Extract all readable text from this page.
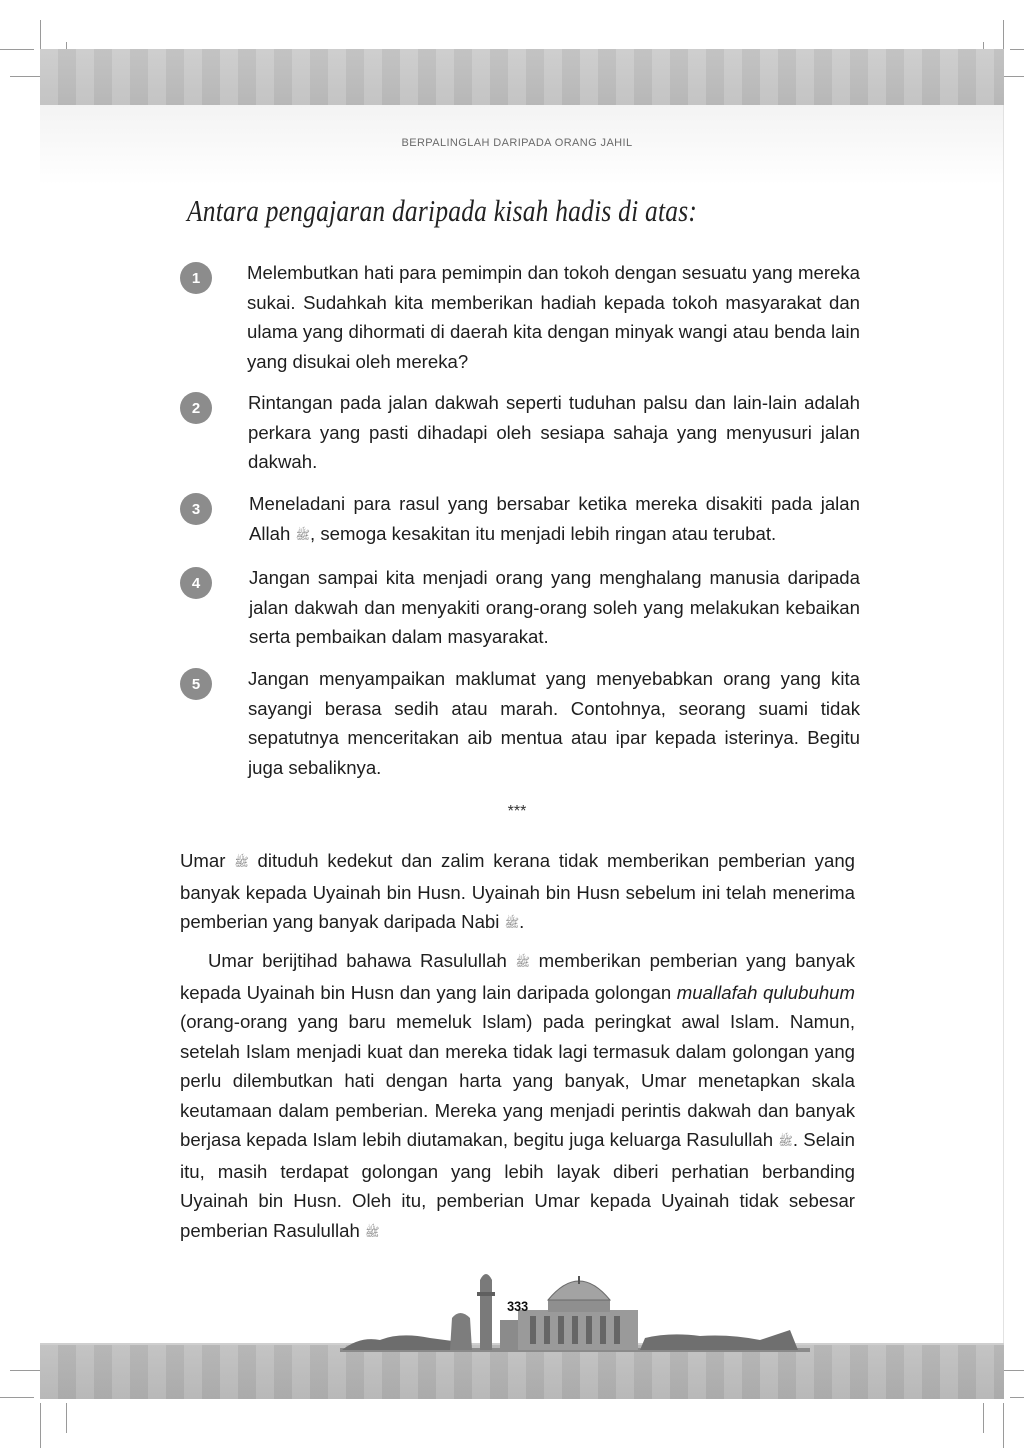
BERPALINGLAH DARIPADA ORANG JAHIL
Antara pengajaran daripada kisah hadis di atas:
1	Melembutkan hati para pemimpin dan tokoh dengan sesuatu yang mereka sukai. Sudahkah kita memberikan hadiah kepada tokoh masyarakat dan ulama yang dihormati di daerah kita dengan minyak wangi atau benda lain yang disukai oleh mereka?
2	Rintangan pada jalan dakwah seperti tuduhan palsu dan lain-lain adalah perkara yang pasti dihadapi oleh sesiapa sahaja yang menyusuri jalan dakwah.
3	Meneladani para rasul yang bersabar ketika mereka disakiti pada jalan Allah ﷺ, semoga kesakitan itu menjadi lebih ringan atau terubat.
4	Jangan sampai kita menjadi orang yang menghalang manusia daripada jalan dakwah dan menyakiti orang-orang soleh yang melakukan kebaikan serta pembaikan dalam masyarakat.
5	Jangan menyampaikan maklumat yang menyebabkan orang yang kita sayangi berasa sedih atau marah. Contohnya, seorang suami tidak sepatutnya menceritakan aib mentua atau ipar kepada isterinya. Begitu juga sebaliknya.
***
Umar ﷺ dituduh kedekut dan zalim kerana tidak memberikan pemberian yang banyak kepada Uyainah bin Husn. Uyainah bin Husn sebelum ini telah menerima pemberian yang banyak daripada Nabi ﷺ.
Umar berijtihad bahawa Rasulullah ﷺ memberikan pemberian yang banyak kepada Uyainah bin Husn dan yang lain daripada golongan muallafah qulubuhum (orang-orang yang baru memeluk Islam) pada peringkat awal Islam. Namun, setelah Islam menjadi kuat dan mereka tidak lagi termasuk dalam golongan yang perlu dilembutkan hati dengan harta yang banyak, Umar menetapkan skala keutamaan dalam pemberian. Mereka yang menjadi perintis dakwah dan banyak berjasa kepada Islam lebih diutamakan, begitu juga keluarga Rasulullah ﷺ. Selain itu, masih terdapat golongan yang lebih layak diberi perhatian berbanding Uyainah bin Husn. Oleh itu, pemberian Umar kepada Uyainah tidak sebesar pemberian Rasulullah ﷺ
333
